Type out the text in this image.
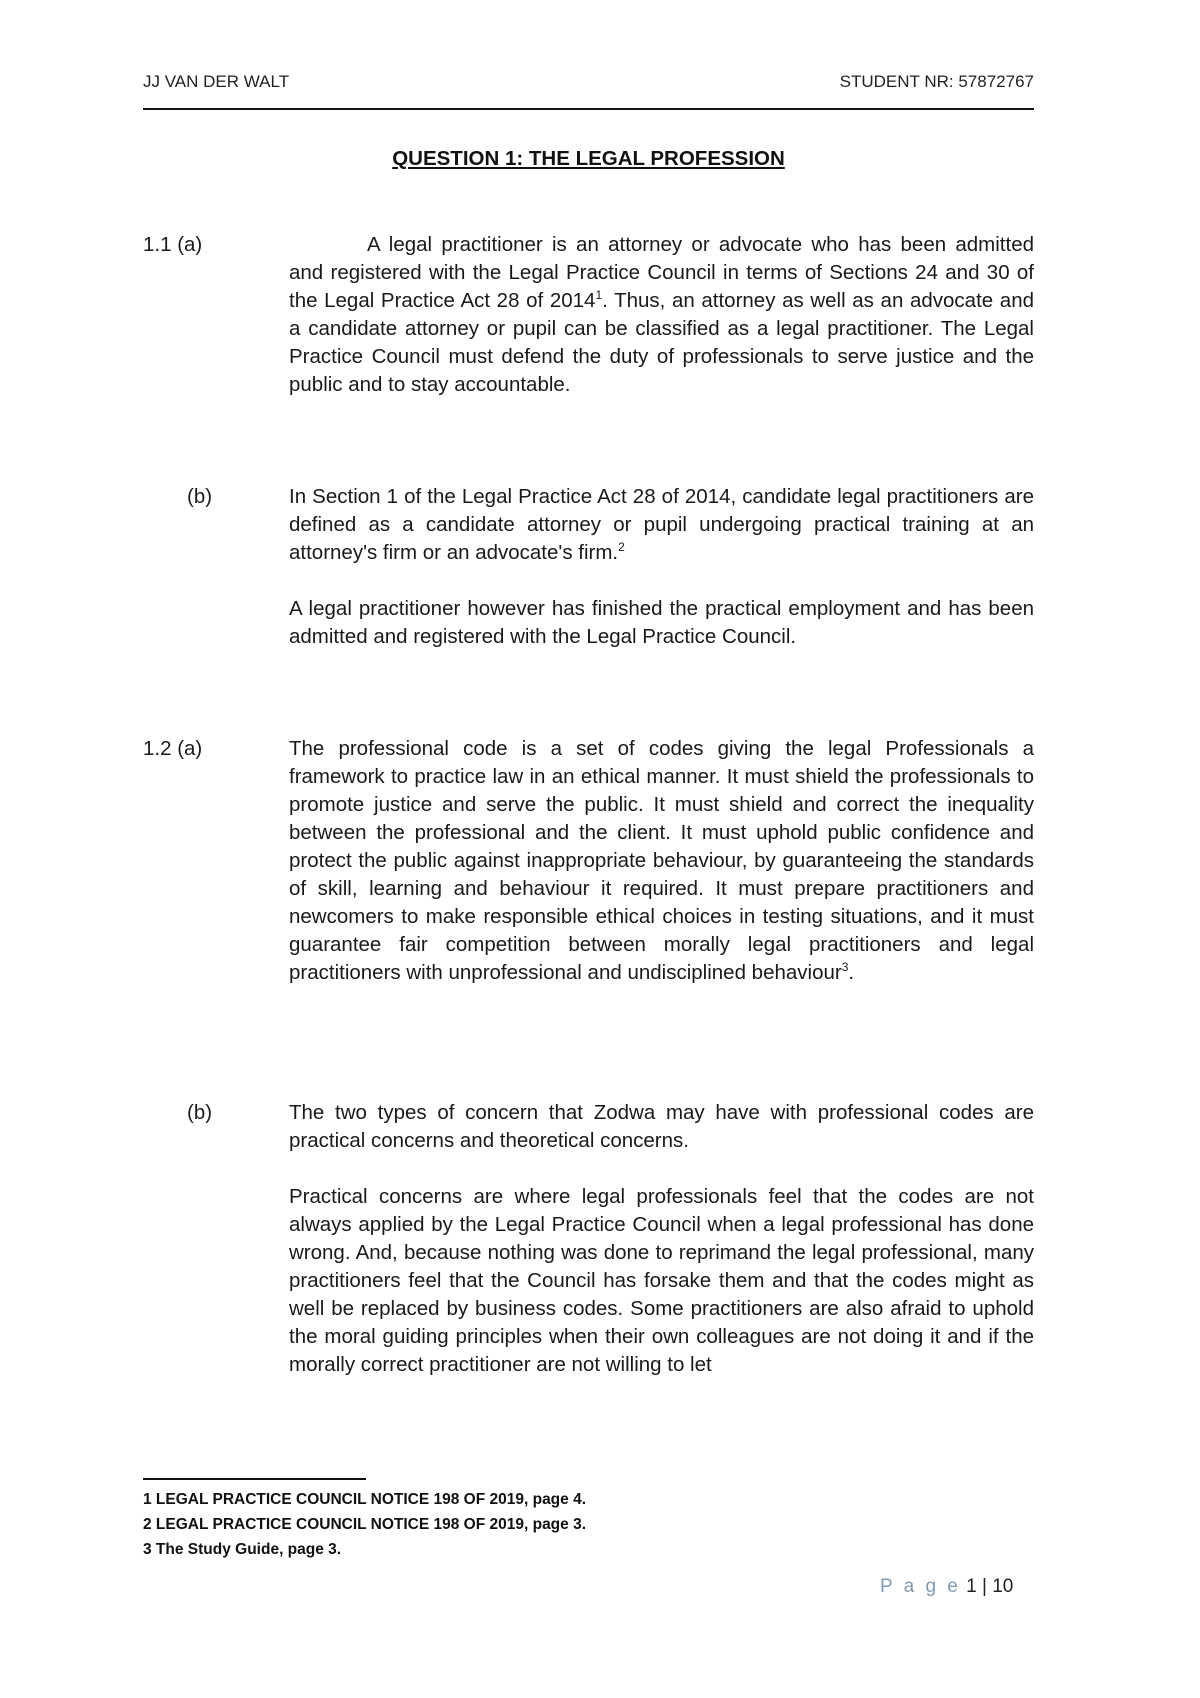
JJ VAN DER WALT	STUDENT NR: 57872767
QUESTION 1: THE LEGAL PROFESSION
1.1 (a)	A legal practitioner is an attorney or advocate who has been admitted and registered with the Legal Practice Council in terms of Sections 24 and 30 of the Legal Practice Act 28 of 2014$^1$. Thus, an attorney as well as an advocate and a candidate attorney or pupil can be classified as a legal practitioner. The Legal Practice Council must defend the duty of professionals to serve justice and the public and to stay accountable.
(b)	In Section 1 of the Legal Practice Act 28 of 2014, candidate legal practitioners are defined as a candidate attorney or pupil undergoing practical training at an attorney's firm or an advocate's firm.$^2$
A legal practitioner however has finished the practical employment and has been admitted and registered with the Legal Practice Council.
1.2 (a)	The professional code is a set of codes giving the legal Professionals a framework to practice law in an ethical manner. It must shield the professionals to promote justice and serve the public. It must shield and correct the inequality between the professional and the client. It must uphold public confidence and protect the public against inappropriate behaviour, by guaranteeing the standards of skill, learning and behaviour it required. It must prepare practitioners and newcomers to make responsible ethical choices in testing situations, and it must guarantee fair competition between morally legal practitioners and legal practitioners with unprofessional and undisciplined behaviour$^3$.
(b)	The two types of concern that Zodwa may have with professional codes are practical concerns and theoretical concerns.
Practical concerns are where legal professionals feel that the codes are not always applied by the Legal Practice Council when a legal professional has done wrong. And, because nothing was done to reprimand the legal professional, many practitioners feel that the Council has forsake them and that the codes might as well be replaced by business codes. Some practitioners are also afraid to uphold the moral guiding principles when their own colleagues are not doing it and if the morally correct practitioner are not willing to let
1 LEGAL PRACTICE COUNCIL NOTICE 198 OF 2019, page 4.
2 LEGAL PRACTICE COUNCIL NOTICE 198 OF 2019, page 3.
3 The Study Guide, page 3.
P a g e 1 | 10
